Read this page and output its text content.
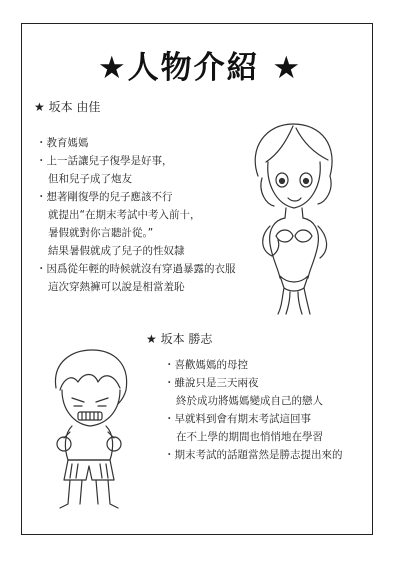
★人物介紹 ★
★ 坂本 由佳
・教育媽媽
・上一話讓兒子復學是好事，
但和兒子成了炮友
・想著剛復學的兒子應該不行
就提出“在期末考試中考入前十，
暑假就對你言聽計從。”
結果暑假就成了兒子的性奴隸
・因爲從年輕的時候就沒有穿過暴露的衣服
這次穿熱褲可以說是相當羞恥
★ 坂本 勝志
・喜歡媽媽的母控
・雖說只是三天兩夜
終於成功將媽媽變成自己的戀人
・早就料到會有期末考試這回事
在不上學的期間也悄悄地在學習
・期末考試的話題當然是勝志提出來的
